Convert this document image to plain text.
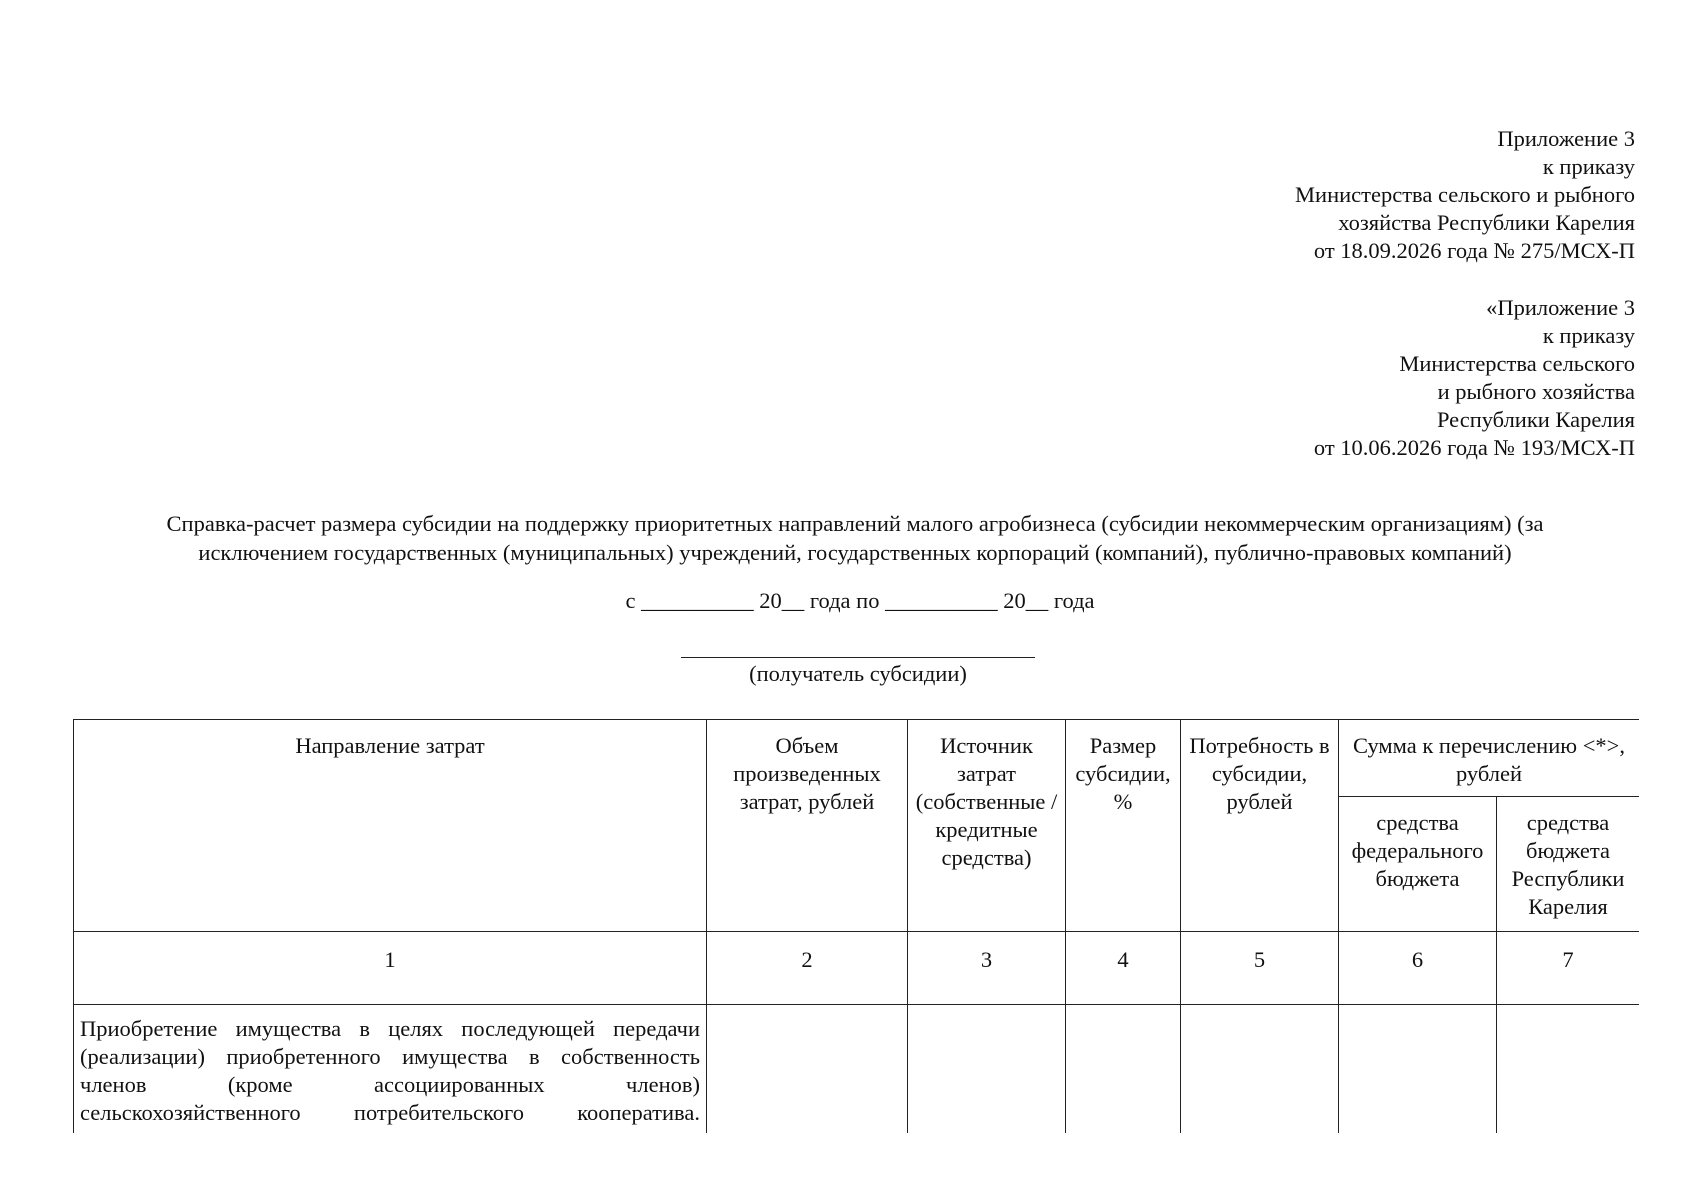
Приложение 3
к приказу
Министерства сельского и рыбного
хозяйства Республики Карелия
от 18.09.2026 года № 275/МСХ-П
«Приложение 3
к приказу
Министерства сельского
и рыбного хозяйства
Республики Карелия
от 10.06.2026 года № 193/МСХ-П
Справка-расчет размера субсидии на поддержку приоритетных направлений малого агробизнеса (субсидии некоммерческим организациям) (за
исключением государственных (муниципальных) учреждений, государственных корпораций (компаний), публично-правовых компаний)
с __________ 20__ года по __________ 20__ года
(получатель субсидии)
Направление затрат	Объем произведенных затрат, рублей	Источник затрат (собственные / кредитные средства)	Размер субсидии, %	Потребность в субсидии, рублей	Сумма к перечислению <*>, рублей	
					средства федерального бюджета	средства бюджета Республики Карелия
1	2	3	4	5	6	7

Приобретение имущества в целях последующей передачи
(реализации) приобретенного имущества в собственность
членов (кроме ассоциированных членов)
сельскохозяйственного потребительского кооператива.						
